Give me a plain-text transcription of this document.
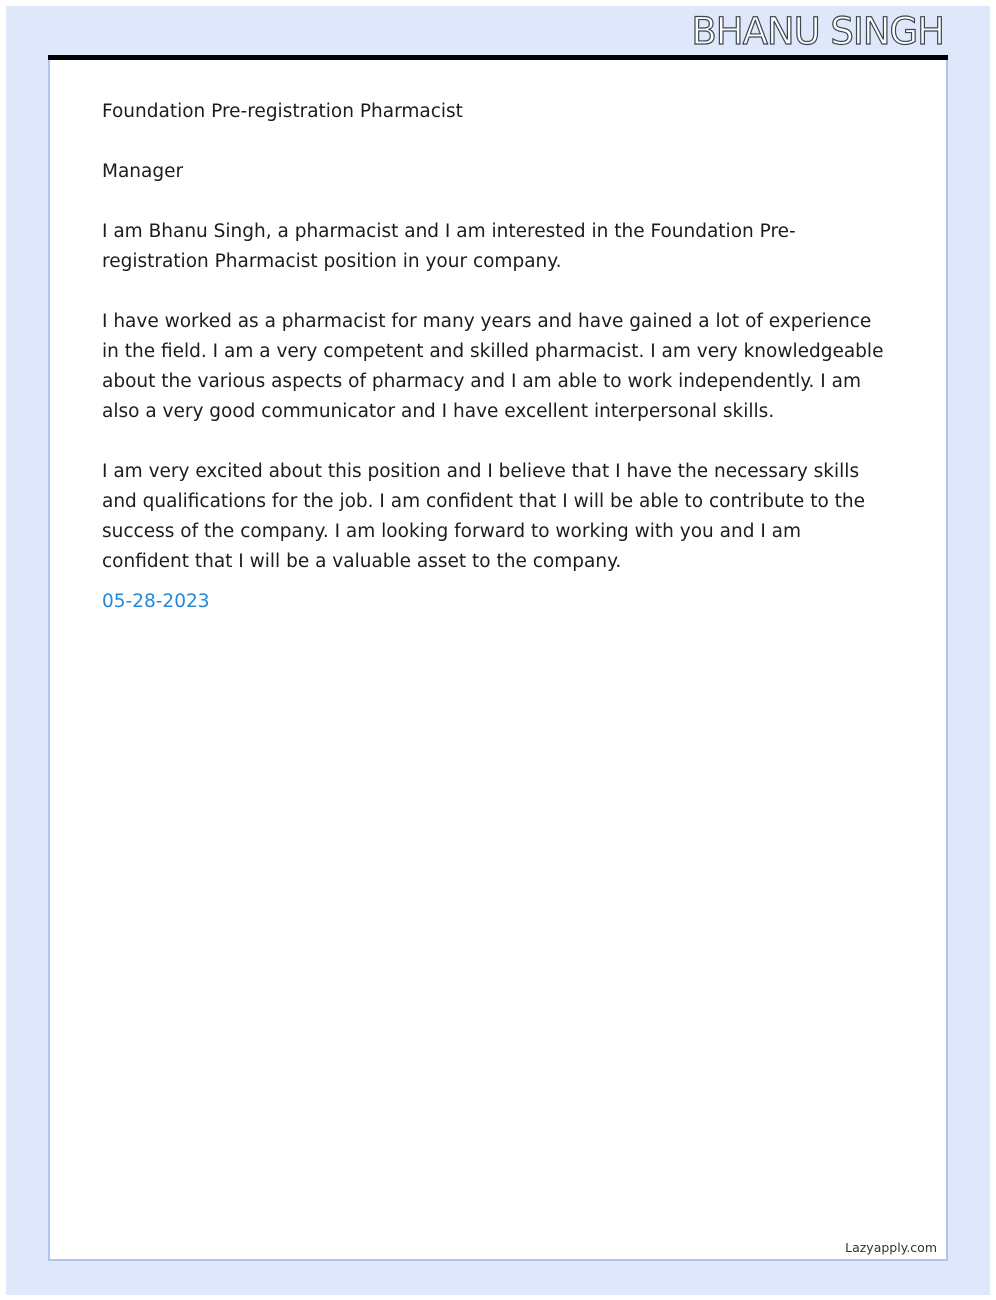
BHANU SINGH

Foundation Pre-registration Pharmacist

Manager

I am Bhanu Singh, a pharmacist and I am interested in the Foundation Pre-registration Pharmacist position in your company.

I have worked as a pharmacist for many years and have gained a lot of experience in the field. I am a very competent and skilled pharmacist. I am very knowledgeable about the various aspects of pharmacy and I am able to work independently. I am also a very good communicator and I have excellent interpersonal skills.

I am very excited about this position and I believe that I have the necessary skills and qualifications for the job. I am confident that I will be able to contribute to the success of the company. I am looking forward to working with you and I am confident that I will be a valuable asset to the company.

05-28-2023

Lazyapply.com
